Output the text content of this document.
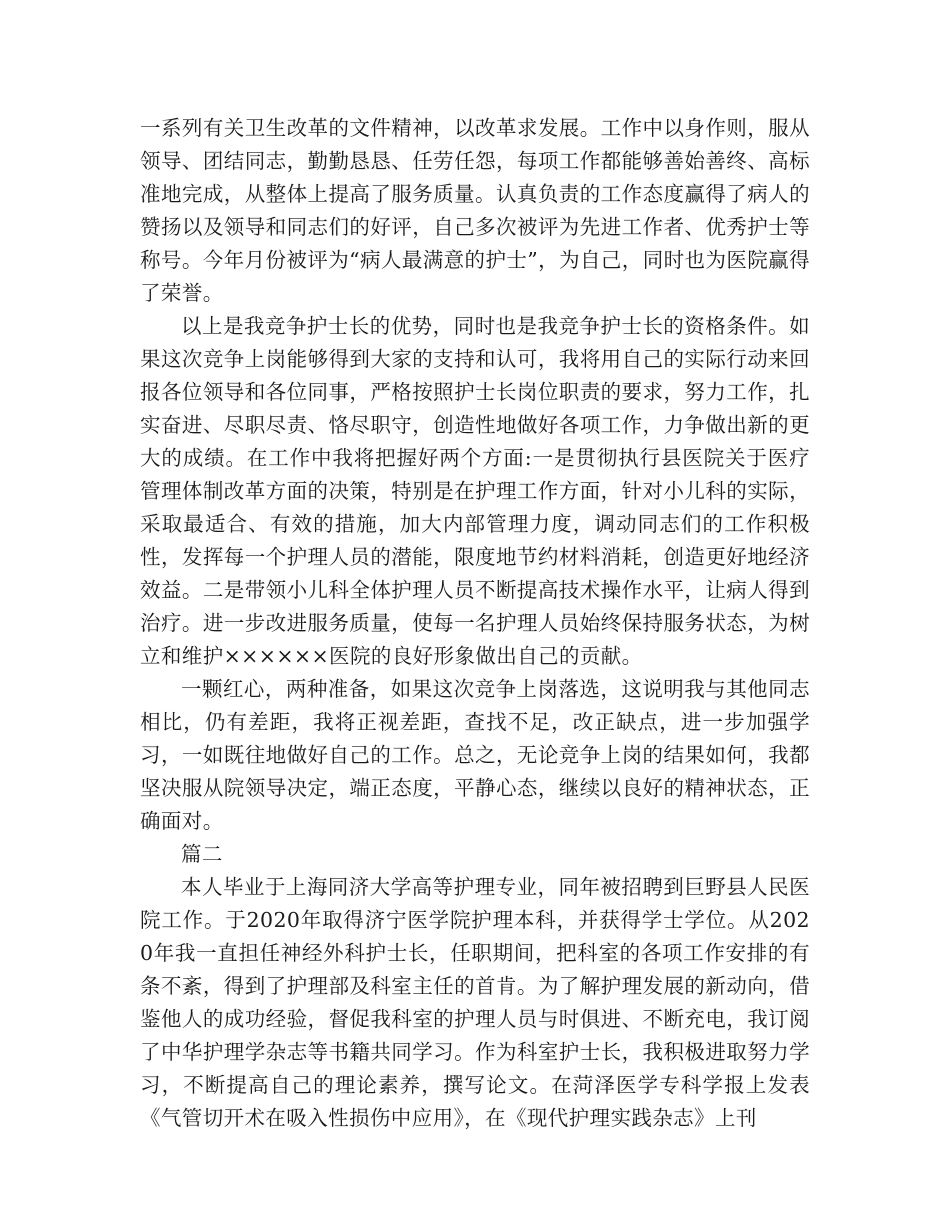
一系列有关卫生改革的文件精神，以改革求发展。工作中以身作则，服从领导、团结同志，勤勤恳恳、任劳任怨，每项工作都能够善始善终、高标准地完成，从整体上提高了服务质量。认真负责的工作态度赢得了病人的赞扬以及领导和同志们的好评，自己多次被评为先进工作者、优秀护士等称号。今年月份被评为“病人最满意的护士”，为自己，同时也为医院赢得了荣誉。

以上是我竞争护士长的优势，同时也是我竞争护士长的资格条件。如果这次竞争上岗能够得到大家的支持和认可，我将用自己的实际行动来回报各位领导和各位同事，严格按照护士长岗位职责的要求，努力工作，扎实奋进、尽职尽责、恪尽职守，创造性地做好各项工作，力争做出新的更大的成绩。在工作中我将把握好两个方面:一是贯彻执行县医院关于医疗管理体制改革方面的决策，特别是在护理工作方面，针对小儿科的实际，采取最适合、有效的措施，加大内部管理力度，调动同志们的工作积极性，发挥每一个护理人员的潜能，限度地节约材料消耗，创造更好地经济效益。二是带领小儿科全体护理人员不断提高技术操作水平，让病人得到治疗。进一步改进服务质量，使每一名护理人员始终保持服务状态，为树立和维护××××××医院的良好形象做出自己的贡献。

一颗红心，两种准备，如果这次竞争上岗落选，这说明我与其他同志相比，仍有差距，我将正视差距，查找不足，改正缺点，进一步加强学习，一如既往地做好自己的工作。总之，无论竞争上岗的结果如何，我都坚决服从院领导决定，端正态度，平静心态，继续以良好的精神状态，正确面对。

篇二

本人毕业于上海同济大学高等护理专业，同年被招聘到巨野县人民医院工作。于2020年取得济宁医学院护理本科，并获得学士学位。从2020年我一直担任神经外科护士长，任职期间，把科室的各项工作安排的有条不紊，得到了护理部及科室主任的首肯。为了解护理发展的新动向，借鉴他人的成功经验，督促我科室的护理人员与时俱进、不断充电，我订阅了中华护理学杂志等书籍共同学习。作为科室护士长，我积极进取努力学习，不断提高自己的理论素养，撰写论文。在菏泽医学专科学报上发表《气管切开术在吸入性损伤中应用》，在《现代护理实践杂志》上刊
